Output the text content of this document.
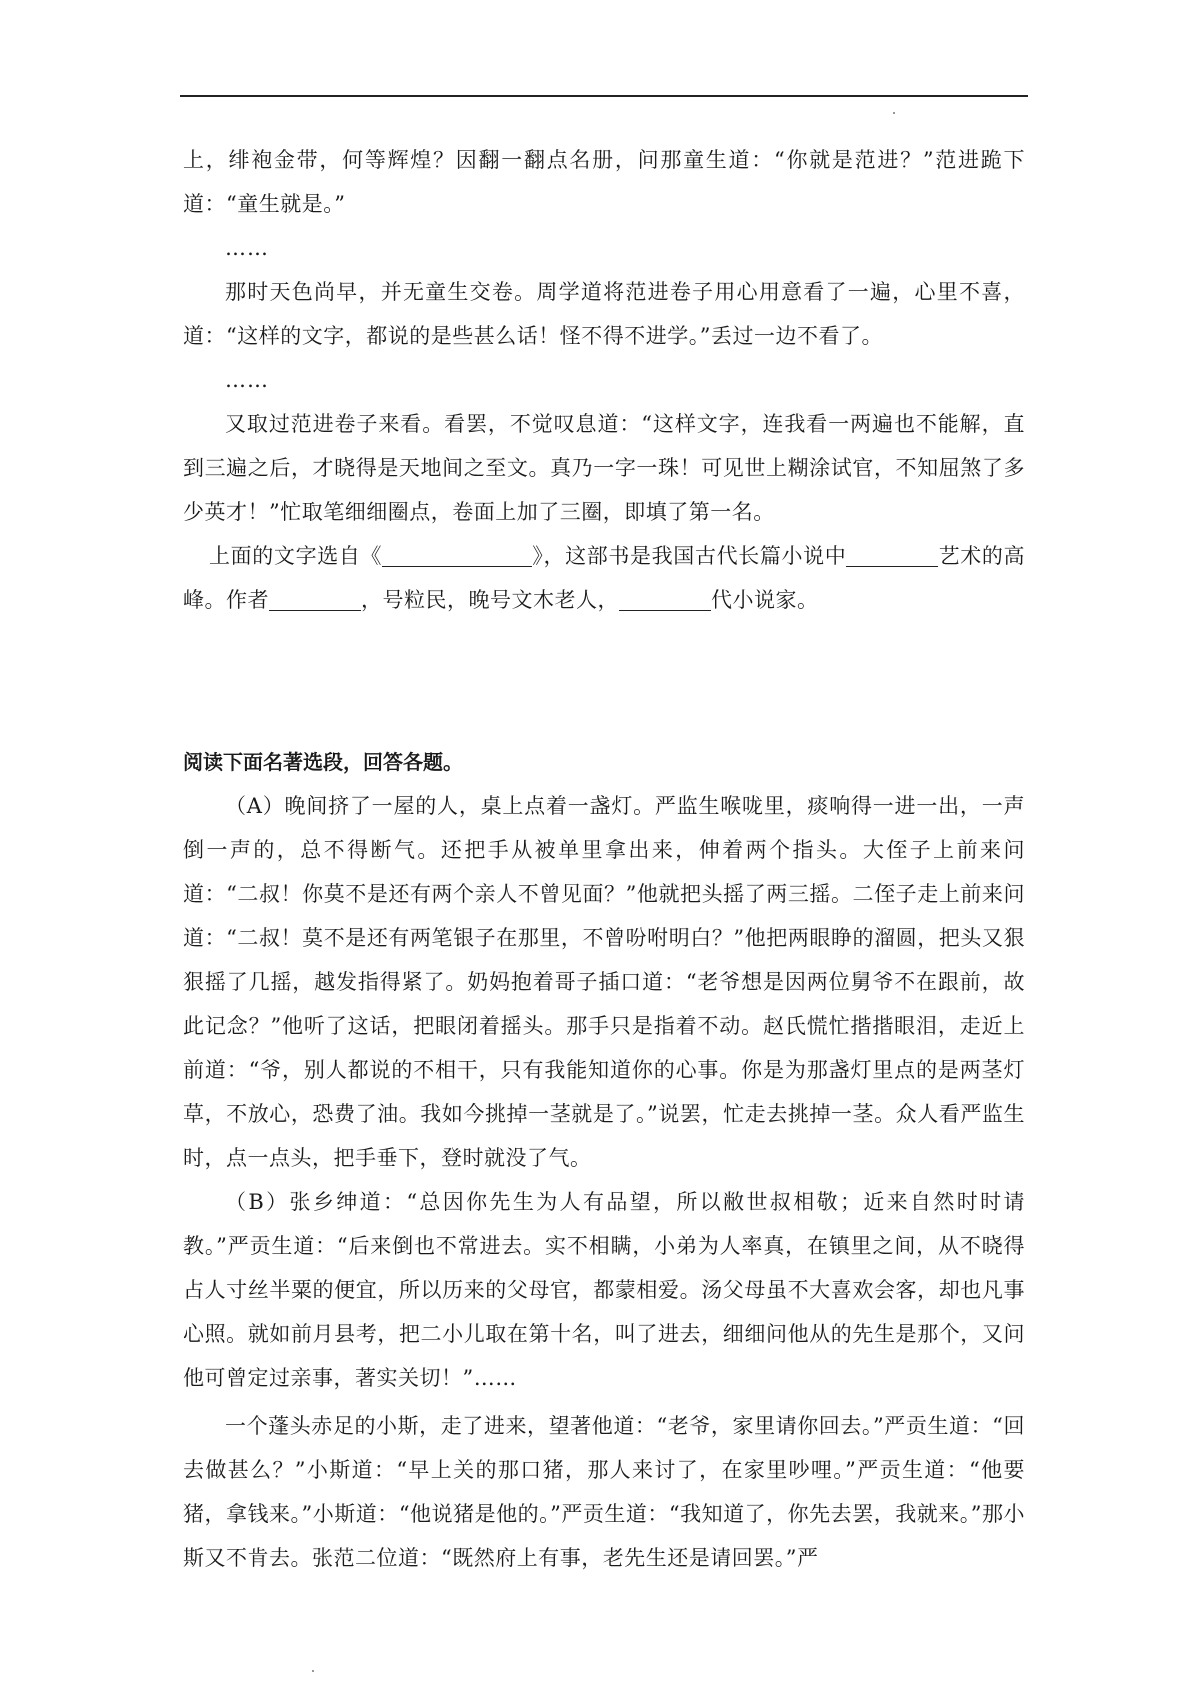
上，绯袍金带，何等辉煌？因翻一翻点名册，问那童生道：“你就是范进？”范进跪下道：“童生就是。”

……

那时天色尚早，并无童生交卷。周学道将范进卷子用心用意看了一遍，心里不喜，道：“这样的文字，都说的是些甚么话！怪不得不进学。”丢过一边不看了。

……

又取过范进卷子来看。看罢，不觉叹息道：“这样文字，连我看一两遍也不能解，直到三遍之后，才晓得是天地间之至文。真乃一字一珠！可见世上糊涂试官，不知屈煞了多少英才！”忙取笔细细圈点，卷面上加了三圈，即填了第一名。

上面的文字选自《	》，这部书是我国古代长篇小说中	艺术的高峰。作者	，号粒民，晚号文木老人，	代小说家。

阅读下面名著选段，回答各题。

（A）晚间挤了一屋的人，桌上点着一盏灯。严监生喉咙里，痰响得一进一出，一声倒一声的，总不得断气。还把手从被单里拿出来，伸着两个指头。大侄子上前来问道：“二叔！你莫不是还有两个亲人不曾见面？”他就把头摇了两三摇。二侄子走上前来问道：“二叔！莫不是还有两笔银子在那里，不曾吩咐明白？”他把两眼睁的溜圆，把头又狠狠摇了几摇，越发指得紧了。奶妈抱着哥子插口道：“老爷想是因两位舅爷不在跟前，故此记念？”他听了这话，把眼闭着摇头。那手只是指着不动。赵氏慌忙揩揩眼泪，走近上前道：“爷，别人都说的不相干，只有我能知道你的心事。你是为那盏灯里点的是两茎灯草，不放心，恐费了油。我如今挑掉一茎就是了。”说罢，忙走去挑掉一茎。众人看严监生时，点一点头，把手垂下，登时就没了气。

（B）张乡绅道：“总因你先生为人有品望，所以敝世叔相敬；近来自然时时请教。”严贡生道：“后来倒也不常进去。实不相瞒，小弟为人率真，在镇里之间，从不晓得占人寸丝半粟的便宜，所以历来的父母官，都蒙相爱。汤父母虽不大喜欢会客，却也凡事心照。就如前月县考，把二小儿取在第十名，叫了进去，细细问他从的先生是那个，又问他可曾定过亲事，著实关切！”……

一个蓬头赤足的小斯，走了进来，望著他道：“老爷，家里请你回去。”严贡生道：“回去做甚么？”小斯道：“早上关的那口猪，那人来讨了，在家里吵哩。”严贡生道：“他要猪，拿钱来。”小斯道：“他说猪是他的。”严贡生道：“我知道了，你先去罢，我就来。”那小斯又不肯去。张范二位道：“既然府上有事，老先生还是请回罢。”严
